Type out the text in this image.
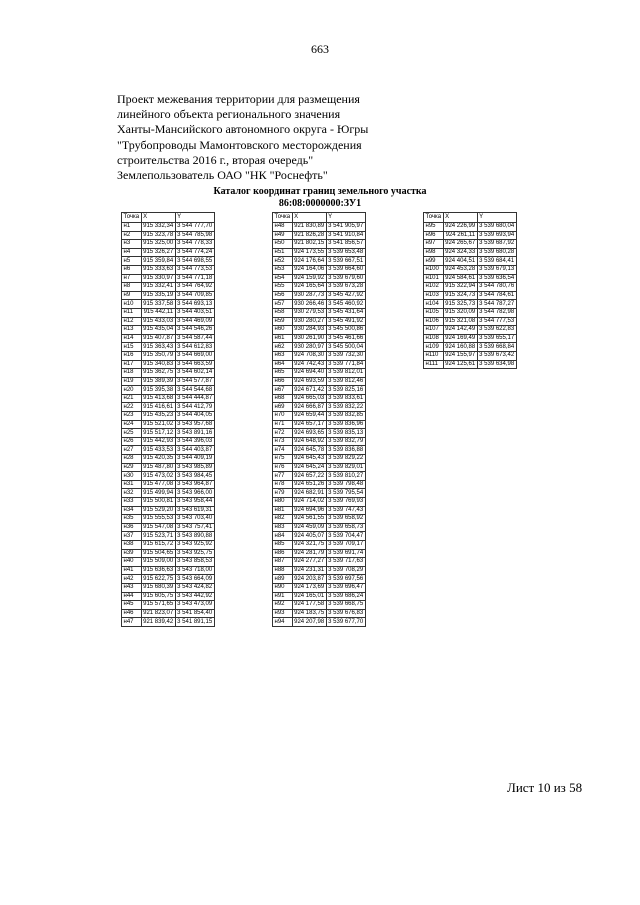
663
Проект межевания территории для размещения
линейного объекта регионального значения
Ханты-Мансийского автономного округа - Югры
"Трубопроводы Мамонтовского месторождения
строительства 2016 г., вторая очередь"
Землепользователь ОАО "НК "Роснефть"
Каталог координат границ земельного участка
86:08:0000000:ЗУ1
Точка	X	Y
н1	915 332,34	3 544 777,70
н2	915 323,78	3 544 785,98
н3	915 325,00	3 544 778,33
н4	915 326,27	3 544 774,24
н5	915 359,84	3 544 698,55
н6	915 333,63	3 544 773,53
н7	915 330,97	3 544 771,18
н8	915 332,41	3 544 764,92
н9	915 335,19	3 544 709,85
н10	915 337,58	3 544 693,13
н11	915 442,11	3 544 403,51
н12	915 433,03	3 544 469,09
н13	915 435,04	3 544 546,26
н14	915 407,87	3 544 587,44
н15	915 363,43	3 544 612,83
н16	915 350,79	3 544 669,00
н17	915 340,83	3 544 663,59
н18	915 362,75	3 544 602,14
н19	915 389,39	3 544 577,87
н20	915 395,38	3 544 544,68
н21	915 413,68	3 544 444,87
н22	915 416,61	3 544 412,79
н23	915 435,23	3 544 404,05
н24	915 521,02	3 543 957,68
н25	915 517,12	3 543 891,16
н26	915 442,93	3 544 396,03
н27	915 433,53	3 544 403,87
н28	915 420,35	3 544 409,19
н29	915 487,80	3 543 985,89
н30	915 473,02	3 543 984,45
н31	915 477,08	3 543 964,87
н32	915 499,94	3 543 966,00
н33	915 500,81	3 543 958,44
н34	915 529,20	3 543 619,31
н35	915 555,53	3 543 703,40
н36	915 547,08	3 543 757,41
н37	915 523,71	3 543 890,88
н38	915 615,72	3 543 925,92
н39	915 504,65	3 543 925,75
н40	915 509,00	3 543 858,53
н41	915 636,63	3 543 718,00
н42	915 622,75	3 543 664,09
н43	915 680,39	3 543 424,82
н44	915 605,75	3 543 442,92
н45	915 571,65	3 543 473,09
н46	921 823,07	3 541 854,40
н47	921 839,42	3 541 891,15
Точка	X	Y
н48	921 830,89	3 541 905,97
н49	921 826,28	3 541 910,84
н50	921 802,15	3 541 856,57
н51	924 173,55	3 539 653,48
н52	924 176,64	3 539 667,51
н53	924 164,06	3 539 664,60
н54	924 159,92	3 539 679,60
н55	924 165,64	3 539 673,28
н56	930 287,73	3 545 427,92
н57	930 266,46	3 545 460,92
н58	930 279,53	3 545 431,64
н59	930 280,27	3 545 491,92
н60	930 284,93	3 545 500,86
н61	930 261,90	3 545 461,66
н62	930 280,97	3 545 500,04
н63	924 708,30	3 539 732,30
н64	924 742,43	3 539 771,84
н65	924 694,40	3 539 812,01
н66	924 693,59	3 539 812,46
н67	924 671,42	3 539 825,16
н68	924 665,03	3 539 833,61
н69	924 666,87	3 539 832,22
н70	924 659,44	3 539 832,85
н71	924 657,17	3 539 836,96
н72	924 693,65	3 539 835,13
н73	924 648,92	3 539 832,79
н74	924 645,78	3 539 836,88
н75	924 645,43	3 539 829,22
н76	924 645,24	3 539 829,01
н77	924 657,22	3 539 810,27
н78	924 651,26	3 539 798,48
н79	924 682,91	3 539 795,54
н80	924 714,02	3 539 769,93
н81	924 694,96	3 539 747,43
н82	924 561,55	3 539 658,92
н83	924 459,09	3 539 658,73
н84	924 405,07	3 539 704,47
н85	924 321,75	3 539 709,17
н86	924 281,79	3 539 691,74
н87	924 277,27	3 539 717,63
н88	924 231,31	3 539 708,29
н89	924 203,87	3 539 697,56
н90	924 173,69	3 539 696,47
н91	924 165,01	3 539 686,24
н92	924 177,58	3 539 668,75
н93	924 183,75	3 539 676,83
н94	924 207,98	3 539 677,70
Точка	X	Y
н95	924 226,99	3 539 680,04
н96	924 261,11	3 539 693,94
н97	924 265,67	3 539 687,92
н98	924 324,33	3 539 680,28
н99	924 404,51	3 539 684,41
н100	924 453,28	3 539 679,13
н101	924 584,61	3 539 636,54
н102	915 322,94	3 544 780,76
н103	915 324,73	3 544 784,61
н104	915 325,73	3 544 787,27
н105	915 320,09	3 544 782,98
н106	915 321,08	3 544 777,53
н107	924 142,49	3 539 622,83
н108	924 169,49	3 539 655,17
н109	924 160,88	3 539 668,84
н110	924 155,97	3 539 673,42
н111	924 125,61	3 539 634,98
Лист 10 из 58
